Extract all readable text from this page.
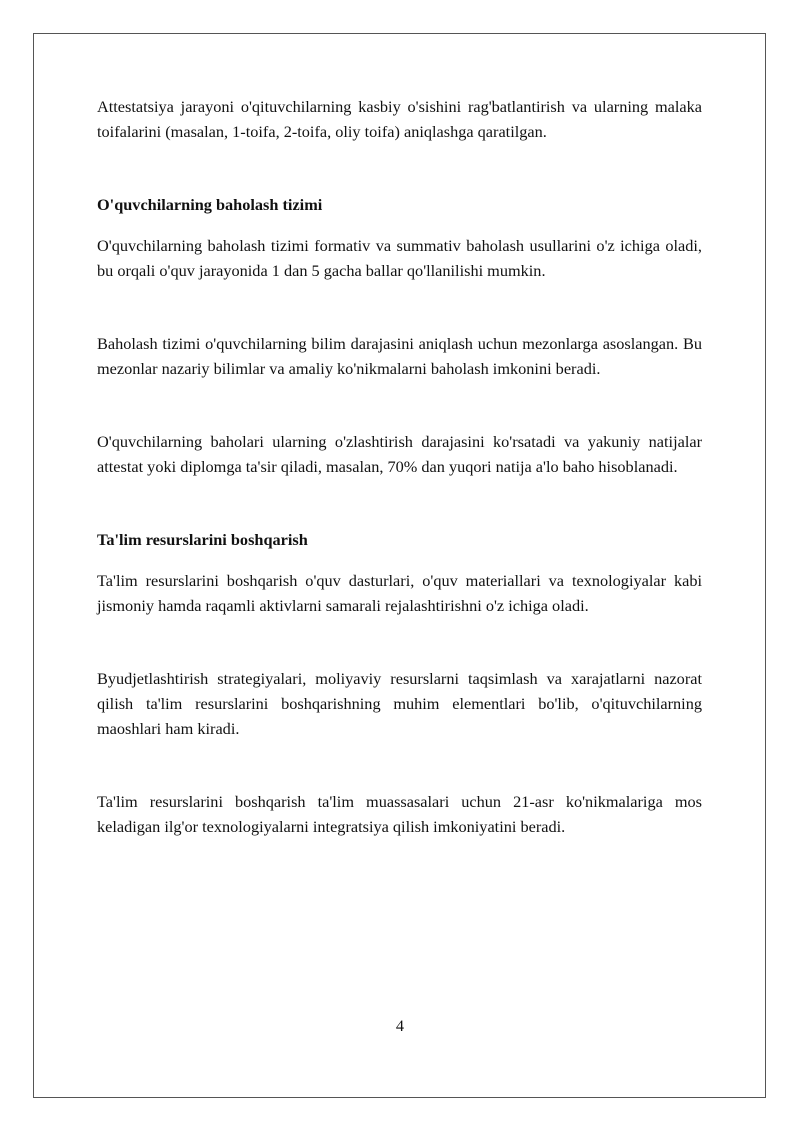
Attestatsiya jarayoni o'qituvchilarning kasbiy o'sishini rag'batlantirish va ularning malaka toifalarini (masalan, 1-toifa, 2-toifa, oliy toifa) aniqlashga qaratilgan.

O'quvchilarning baholash tizimi

O'quvchilarning baholash tizimi formativ va summativ baholash usullarini o'z ichiga oladi, bu orqali o'quv jarayonida 1 dan 5 gacha ballar qo'llanilishi mumkin.

Baholash tizimi o'quvchilarning bilim darajasini aniqlash uchun mezonlarga asoslangan. Bu mezonlar nazariy bilimlar va amaliy ko'nikmalarni baholash imkonini beradi.

O'quvchilarning baholari ularning o'zlashtirish darajasini ko'rsatadi va yakuniy natijalar attestat yoki diplomga ta'sir qiladi, masalan, 70% dan yuqori natija a'lo baho hisoblanadi.

Ta'lim resurslarini boshqarish

Ta'lim resurslarini boshqarish o'quv dasturlari, o'quv materiallari va texnologiyalar kabi jismoniy hamda raqamli aktivlarni samarali rejalashtirishni o'z ichiga oladi.

Byudjetlashtirish strategiyalari, moliyaviy resurslarni taqsimlash va xarajatlarni nazorat qilish ta'lim resurslarini boshqarishning muhim elementlari bo'lib, o'qituvchilarning maoshlari ham kiradi.

Ta'lim resurslarini boshqarish ta'lim muassasalari uchun 21-asr ko'nikmalariga mos keladigan ilg'or texnologiyalarni integratsiya qilish imkoniyatini beradi.

4
